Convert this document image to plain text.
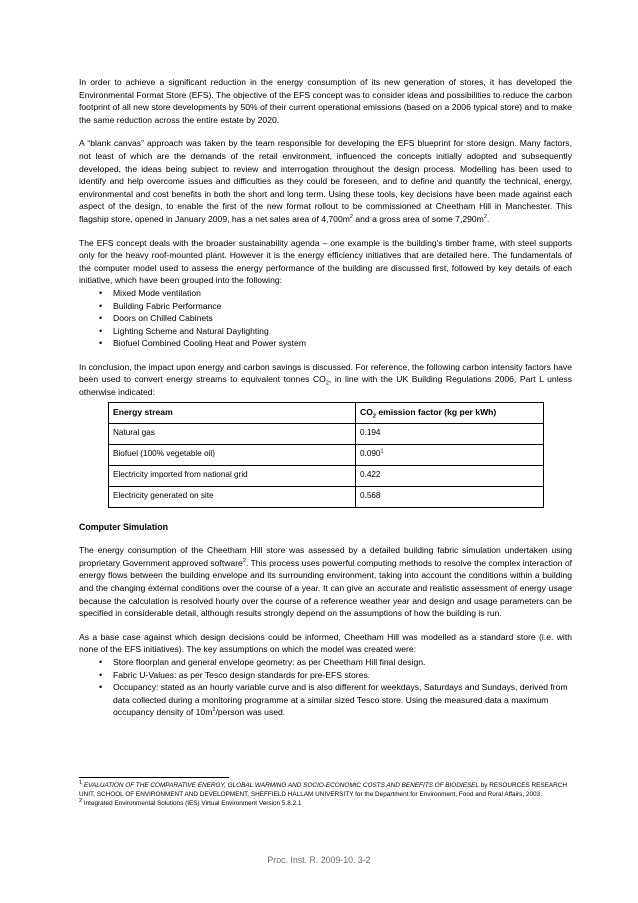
In order to achieve a significant reduction in the energy consumption of its new generation of stores, it has developed the Environmental Format Store (EFS). The objective of the EFS concept was to consider ideas and possibilities to reduce the carbon footprint of all new store developments by 50% of their current operational emissions (based on a 2006 typical store) and to make the same reduction across the entire estate by 2020.

A “blank canvas” approach was taken by the team responsible for developing the EFS blueprint for store design. Many factors, not least of which are the demands of the retail environment, influenced the concepts initially adopted and subsequently developed, the ideas being subject to review and interrogation throughout the design process. Modelling has been used to identify and help overcome issues and difficulties as they could be foreseen, and to define and quantify the technical, energy, environmental and cost benefits in both the short and long term. Using these tools, key decisions have been made against each aspect of the design, to enable the first of the new format rollout to be commissioned at Cheetham Hill in Manchester. This flagship store, opened in January 2009, has a net sales area of $4,700m^2$ and a gross area of some $7,290m^2$.

The EFS concept deals with the broader sustainability agenda – one example is the building's timber frame, with steel supports only for the heavy roof-mounted plant. However it is the energy efficiency initiatives that are detailed here. The fundamentals of the computer model used to assess the energy performance of the building are discussed first, followed by key details of each initiative, which have been grouped into the following:

• Mixed Mode ventilation
• Building Fabric Performance
• Doors on Chilled Cabinets
• Lighting Scheme and Natural Daylighting
• Biofuel Combined Cooling Heat and Power system

In conclusion, the impact upon energy and carbon savings is discussed. For reference, the following carbon intensity factors have been used to convert energy streams to equivalent tonnes $CO_2$, in line with the UK Building Regulations 2006, Part L unless otherwise indicated:

Energy stream	$CO_2$ emission factor (kg per kWh)
Natural gas	0.194
Biofuel (100% vegetable oil)	0.090$^1$
Electricity imported from national grid	0.422
Electricity generated on site	0.568
Computer Simulation

The energy consumption of the Cheetham Hill store was assessed by a detailed building fabric simulation undertaken using proprietary Government approved software$^2$. This process uses powerful computing methods to resolve the complex interaction of energy flows between the building envelope and its surrounding environment, taking into account the conditions within a building and the changing external conditions over the course of a year. It can give an accurate and realistic assessment of energy usage because the calculation is resolved hourly over the course of a reference weather year and design and usage parameters can be specified in considerable detail, although results strongly depend on the assumptions of how the building is run.

As a base case against which design decisions could be informed, Cheetham Hill was modelled as a standard store (i.e. with none of the EFS initiatives). The key assumptions on which the model was created were:

• Store floorplan and general envelope geometry: as per Cheetham Hill final design.
• Fabric U-Values: as per Tesco design standards for pre-EFS stores.
• Occupancy: stated as an hourly variable curve and is also different for weekdays, Saturdays and Sundays, derived from data collected during a monitoring programme at a similar sized Tesco store. Using the measured data a maximum occupancy density of $10m^2$/person was used.
$^1$ EVALUATION OF THE COMPARATIVE ENERGY, GLOBAL WARMING AND SOCIO-ECONOMIC COSTS AND BENEFITS OF BIODIESEL by RESOURCES RESEARCH UNIT, SCHOOL OF ENVIRONMENT AND DEVELOPMENT, SHEFFIELD HALLAM UNIVERSITY for the Department for Environment, Food and Rural Affairs, 2003.
$^2$ Integrated Environmental Solutions (IES) Virtual Environment Version 5.8.2.1
Proc. Inst. R. 2009-10. 3-2
